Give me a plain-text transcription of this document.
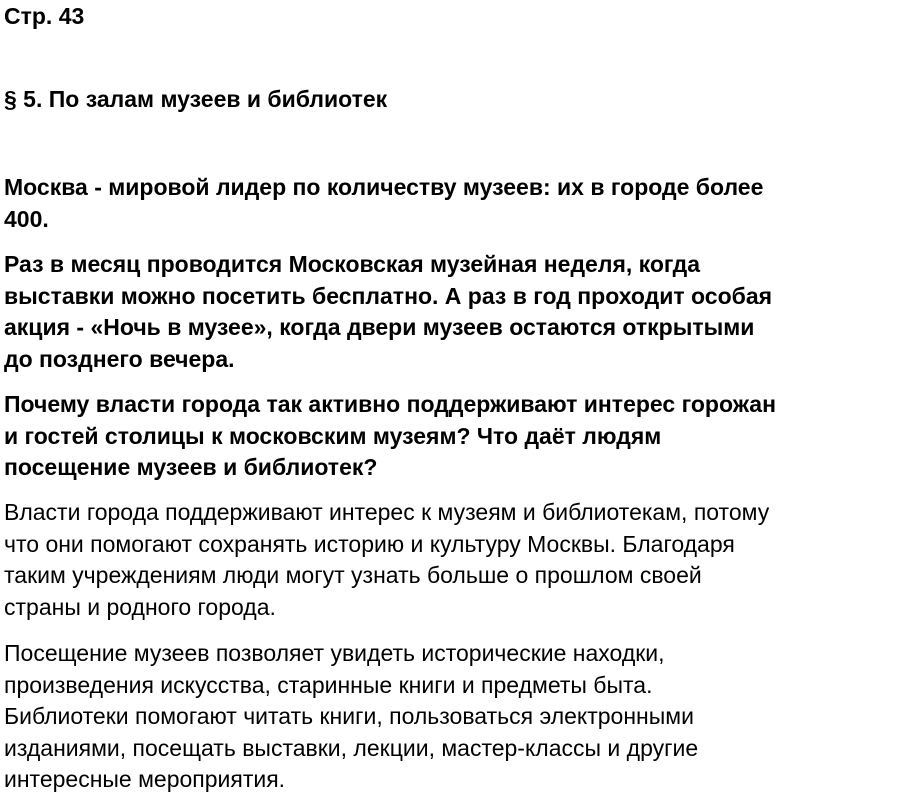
Стр. 43

§ 5. По залам музеев и библиотек

Москва - мировой лидер по количеству музеев: их в городе более
400.

Раз в месяц проводится Московская музейная неделя, когда
выставки можно посетить бесплатно. А раз в год проходит особая
акция - «Ночь в музее», когда двери музеев остаются открытыми
до позднего вечера.

Почему власти города так активно поддерживают интерес горожан
и гостей столицы к московским музеям? Что даёт людям
посещение музеев и библиотек?

Власти города поддерживают интерес к музеям и библиотекам, потому
что они помогают сохранять историю и культуру Москвы. Благодаря
таким учреждениям люди могут узнать больше о прошлом своей
страны и родного города.

Посещение музеев позволяет увидеть исторические находки,
произведения искусства, старинные книги и предметы быта.
Библиотеки помогают читать книги, пользоваться электронными
изданиями, посещать выставки, лекции, мастер-классы и другие
интересные мероприятия.
